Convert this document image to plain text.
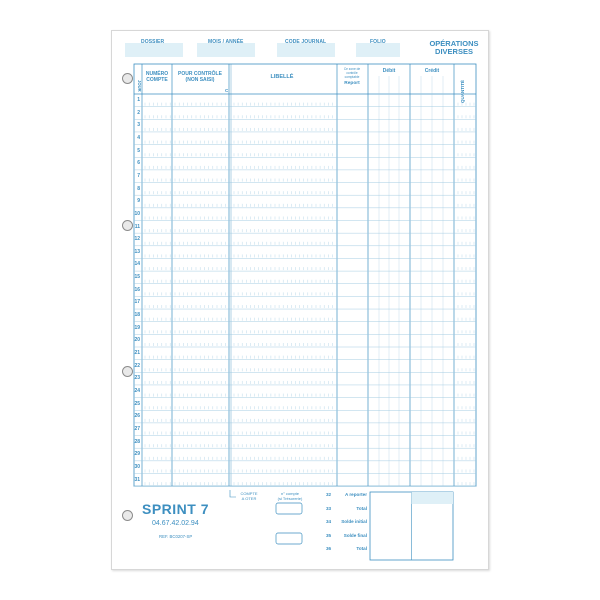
DOSSIER	MOIS / ANNÉE	CODE JOURNAL	FOLIO	OPÉRATIONS
DIVERSES
JOUR
NUMÉRO
COMPTE
POUR CONTRÔLE
(NON SAISI)
C
LIBELLÉ
Ce zone de
contrôle
comptable
Report
Débit	Crédit
QUANTITÉ
1
2
3
4
5
6
7
8
9
10
11
12
13
14
15
16
17
18
19
20
21
22
23
24
25
26
27
28
29
30
31
SPRINT 7
04.67.42.02.94
REF. BC0207-SP
COMPTE
A OTER
n° compte
(si Trésorerie)
32	A reporter
33	Total
34 Solde initial
35	Solde final
36	Total
